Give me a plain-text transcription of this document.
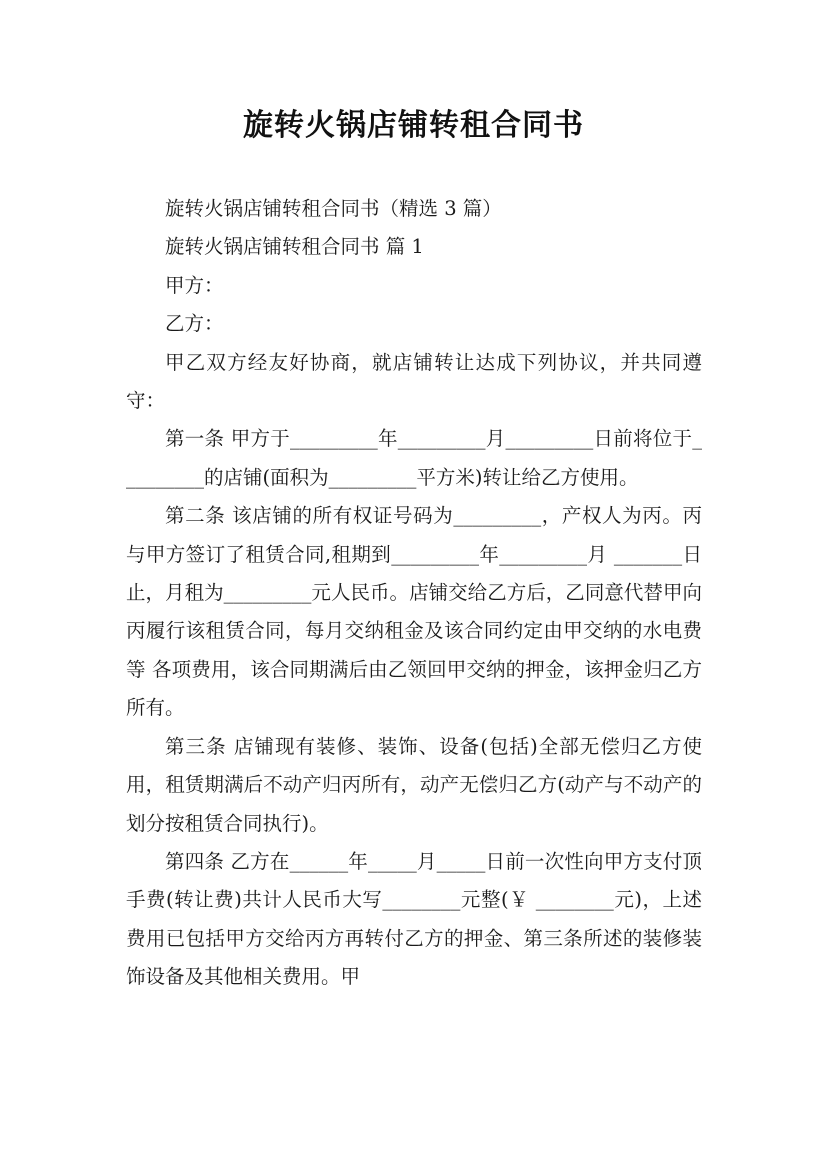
旋转火锅店铺转租合同书

旋转火锅店铺转租合同书（精选 3 篇）

旋转火锅店铺转租合同书 篇 1

甲方：

乙方：

甲乙双方经友好协商，就店铺转让达成下列协议，并共同遵守：

第一条 甲方于_________年_________月_________日前将位于_________的店铺(面积为_________平方米)转让给乙方使用。

第二条 该店铺的所有权证号码为_________，产权人为丙。丙与甲方签订了租赁合同,租期到_________年_________月 _______日止，月租为_________元人民币。店铺交给乙方后，乙同意代替甲向丙履行该租赁合同，每月交纳租金及该合同约定由甲交纳的水电费等 各项费用，该合同期满后由乙领回甲交纳的押金，该押金归乙方所有。

第三条 店铺现有装修、装饰、设备(包括)全部无偿归乙方使用，租赁期满后不动产归丙所有，动产无偿归乙方(动产与不动产的划分按租赁合同执行)。

第四条 乙方在______年_____月_____日前一次性向甲方支付顶手费(转让费)共计人民币大写________元整(￥ ________元)，上述费用已包括甲方交给丙方再转付乙方的押金、第三条所述的装修装饰设备及其他相关费用。甲
